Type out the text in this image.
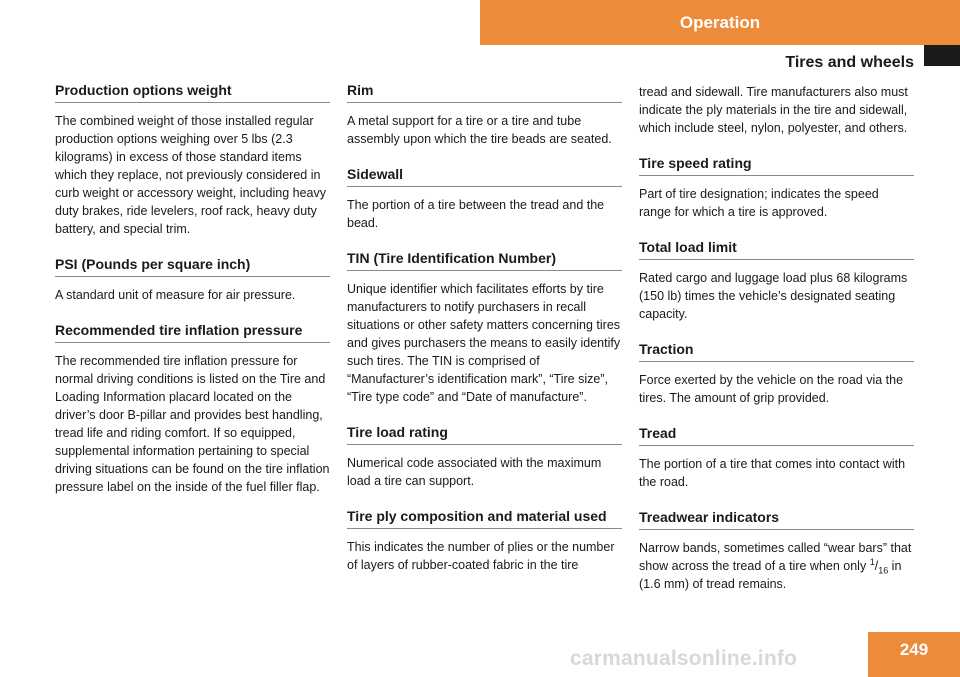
Operation
Tires and wheels
Production options weight

The combined weight of those installed regular production options weighing over 5 lbs (2.3 kilograms) in excess of those standard items which they replace, not previously considered in curb weight or accessory weight, including heavy duty brakes, ride levelers, roof rack, heavy duty battery, and special trim.

PSI (Pounds per square inch)

A standard unit of measure for air pressure.

Recommended tire inflation pressure

The recommended tire inflation pressure for normal driving conditions is listed on the Tire and Loading Information placard located on the driver’s door B-pillar and provides best handling, tread life and riding comfort. If so equipped, supplemental information pertaining to special driving situations can be found on the tire inflation pressure label on the inside of the fuel filler flap.

Rim

A metal support for a tire or a tire and tube assembly upon which the tire beads are seated.

Sidewall

The portion of a tire between the tread and the bead.

TIN (Tire Identification Number)

Unique identifier which facilitates efforts by tire manufacturers to notify purchasers in recall situations or other safety matters concerning tires and gives purchasers the means to easily identify such tires. The TIN is comprised of “Manufacturer’s identification mark”, “Tire size”, “Tire type code” and “Date of manufacture”.

Tire load rating

Numerical code associated with the maximum load a tire can support.

Tire ply composition and material used

This indicates the number of plies or the number of layers of rubber-coated fabric in the tire

tread and sidewall. Tire manufacturers also must indicate the ply materials in the tire and sidewall, which include steel, nylon, polyester, and others.

Tire speed rating

Part of tire designation; indicates the speed range for which a tire is approved.

Total load limit

Rated cargo and luggage load plus 68 kilograms (150 lb) times the vehicle’s designated seating capacity.

Traction

Force exerted by the vehicle on the road via the tires. The amount of grip provided.

Tread

The portion of a tire that comes into contact with the road.

Treadwear indicators

Narrow bands, sometimes called “wear bars” that show across the tread of a tire when only $^1/_{16}$ in (1.6 mm) of tread remains.

249
carmanualsonline.info
